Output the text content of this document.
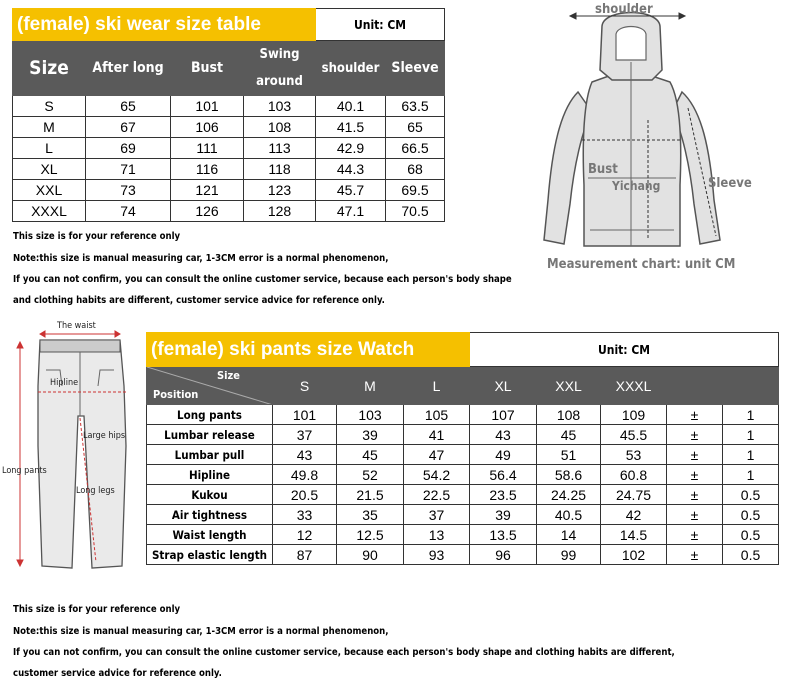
(female) ski wear size table				Unit: CM	
Size	After long	Bust	Swing around	shoulder	Sleeve
S	65	101	103	40.1	63.5
M	67	106	108	41.5	65
L	69	111	113	42.9	66.5
XL	71	116	118	44.3	68
XXL	73	121	123	45.7	69.5
XXXL	74	126	128	47.1	70.5
This size is for your reference only
Note:this size is manual measuring car, 1-3CM error is a normal phenomenon,
If you can not confirm, you can consult the online customer service, because each person's body shape
and clothing habits are different, customer service advice for reference only.
shoulder
Bust
Yichang	Sleeve
Measurement chart: unit CM
The waist
Hipline
Large hips
Long pants
Long legs
(female) ski pants size Watch				Unit: CM				

Size
Position	S	M	L	XL	XXL	XXXL		
Long pants	101	103	105	107	108	109	±	1
Lumbar release	37	39	41	43	45	45.5	±	1
Lumbar pull	43	45	47	49	51	53	±	1
Hipline	49.8	52	54.2	56.4	58.6	60.8	±	1
Kukou	20.5	21.5	22.5	23.5	24.25	24.75	±	0.5
Air tightness	33	35	37	39	40.5	42	±	0.5
Waist length	12	12.5	13	13.5	14	14.5	±	0.5
Strap elastic length	87	90	93	96	99	102	±	0.5
This size is for your reference only
Note:this size is manual measuring car, 1-3CM error is a normal phenomenon,
If you can not confirm, you can consult the online customer service, because each person's body shape and clothing habits are different,
customer service advice for reference only.
